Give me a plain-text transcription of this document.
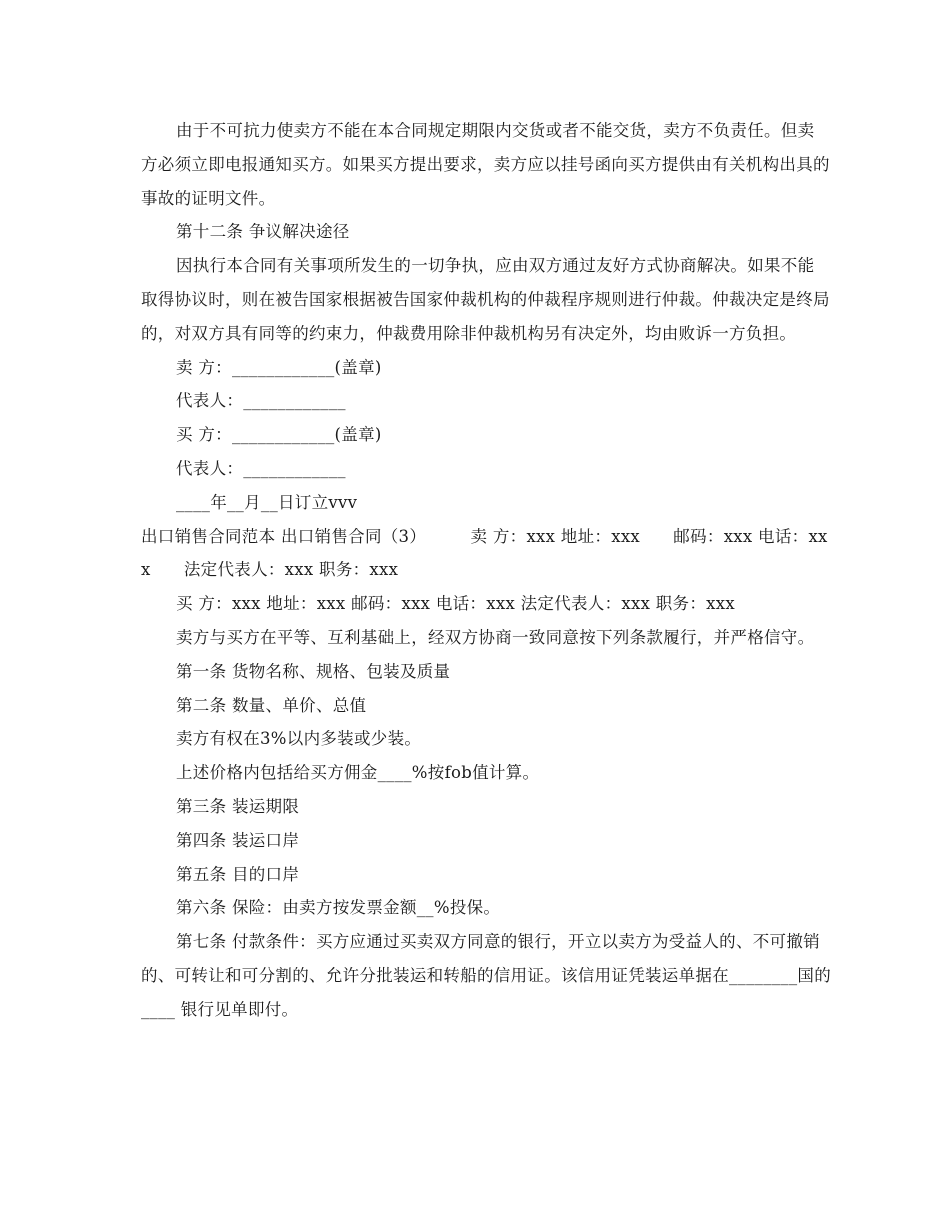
由于不可抗力使卖方不能在本合同规定期限内交货或者不能交货，卖方不负责任。但卖方必须立即电报通知买方。如果买方提出要求，卖方应以挂号函向买方提供由有关机构出具的事故的证明文件。

第十二条 争议解决途径

因执行本合同有关事项所发生的一切争执，应由双方通过友好方式协商解决。如果不能取得协议时，则在被告国家根据被告国家仲裁机构的仲裁程序规则进行仲裁。仲裁决定是终局的，对双方具有同等的约束力，仲裁费用除非仲裁机构另有决定外，均由败诉一方负担。

卖 方：____________(盖章)

代表人：____________

买 方：____________(盖章)

代表人：____________

____年__月__日订立vvv

出口销售合同范本 出口销售合同（3）        卖 方：xxx 地址：xxx      邮码：xxx 电话：xxx      法定代表人：xxx 职务：xxx

买 方：xxx 地址：xxx 邮码：xxx 电话：xxx 法定代表人：xxx 职务：xxx

卖方与买方在平等、互利基础上，经双方协商一致同意按下列条款履行，并严格信守。

第一条 货物名称、规格、包装及质量

第二条 数量、单价、总值

卖方有权在3%以内多装或少装。

上述价格内包括给买方佣金____%按fob值计算。

第三条 装运期限

第四条 装运口岸

第五条 目的口岸

第六条 保险：由卖方按发票金额__%投保。

第七条 付款条件：买方应通过买卖双方同意的银行，开立以卖方为受益人的、不可撤销的、可转让和可分割的、允许分批装运和转船的信用证。该信用证凭装运单据在________国的____ 银行见单即付。
